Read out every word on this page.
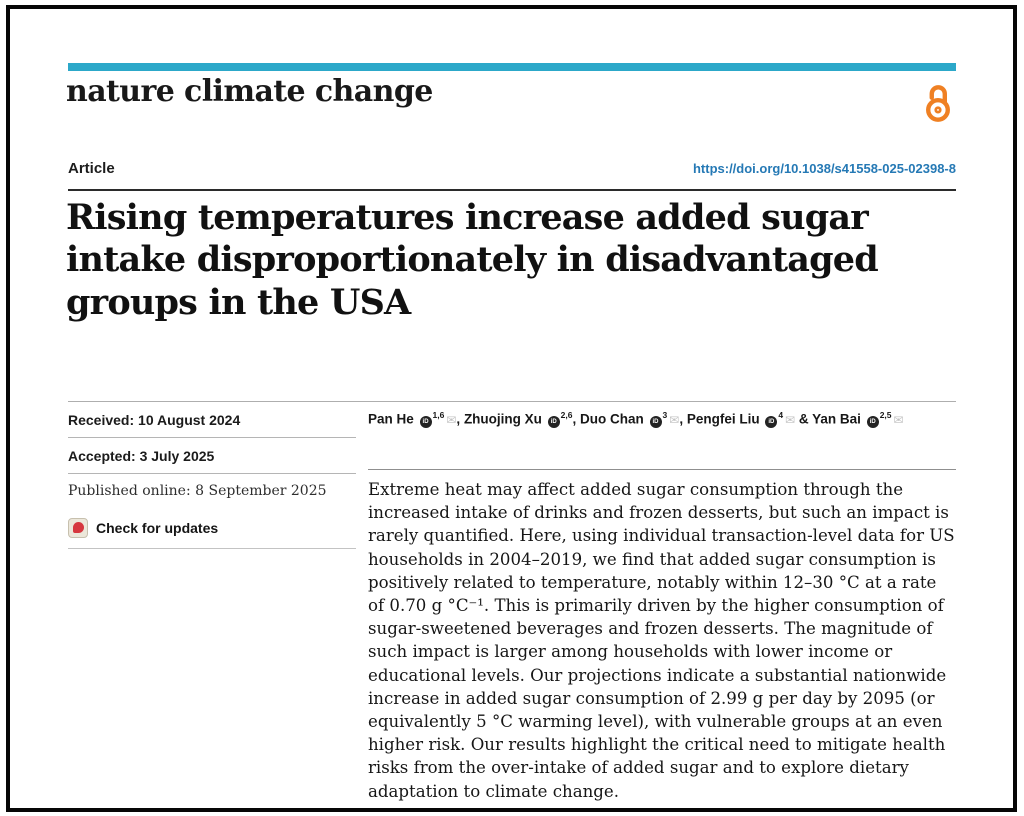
nature climate change
Article	https://doi.org/10.1038/s41558-025-02398-8
Rising temperatures increase added sugar
intake disproportionately in disadvantaged
groups in the USA
Received: 10 August 2024
Accepted: 3 July 2025
Published online: 8 September 2025
Check for updates
Pan He iD$^{1,6}$ ✉, Zhuojing Xu iD$^{2,6}$, Duo Chan $iD^3$ ✉, Pengfei Liu $iD^4$ ✉ & Yan Bai iD$^{2,5}$ ✉
Extreme heat may affect added sugar consumption through the increased intake of drinks and frozen desserts, but such an impact is rarely quantified. Here, using individual transaction-level data for US households in 2004–2019, we find that added sugar consumption is positively related to temperature, notably within 12–30 °C at a rate of 0.70 g °C⁻¹. This is primarily driven by the higher consumption of sugar-sweetened beverages and frozen desserts. The magnitude of such impact is larger among households with lower income or educational levels. Our projections indicate a substantial nationwide increase in added sugar consumption of 2.99 g per day by 2095 (or equivalently 5 °C warming level), with vulnerable groups at an even higher risk. Our results highlight the critical need to mitigate health risks from the over-intake of added sugar and to explore dietary adaptation to climate change.
